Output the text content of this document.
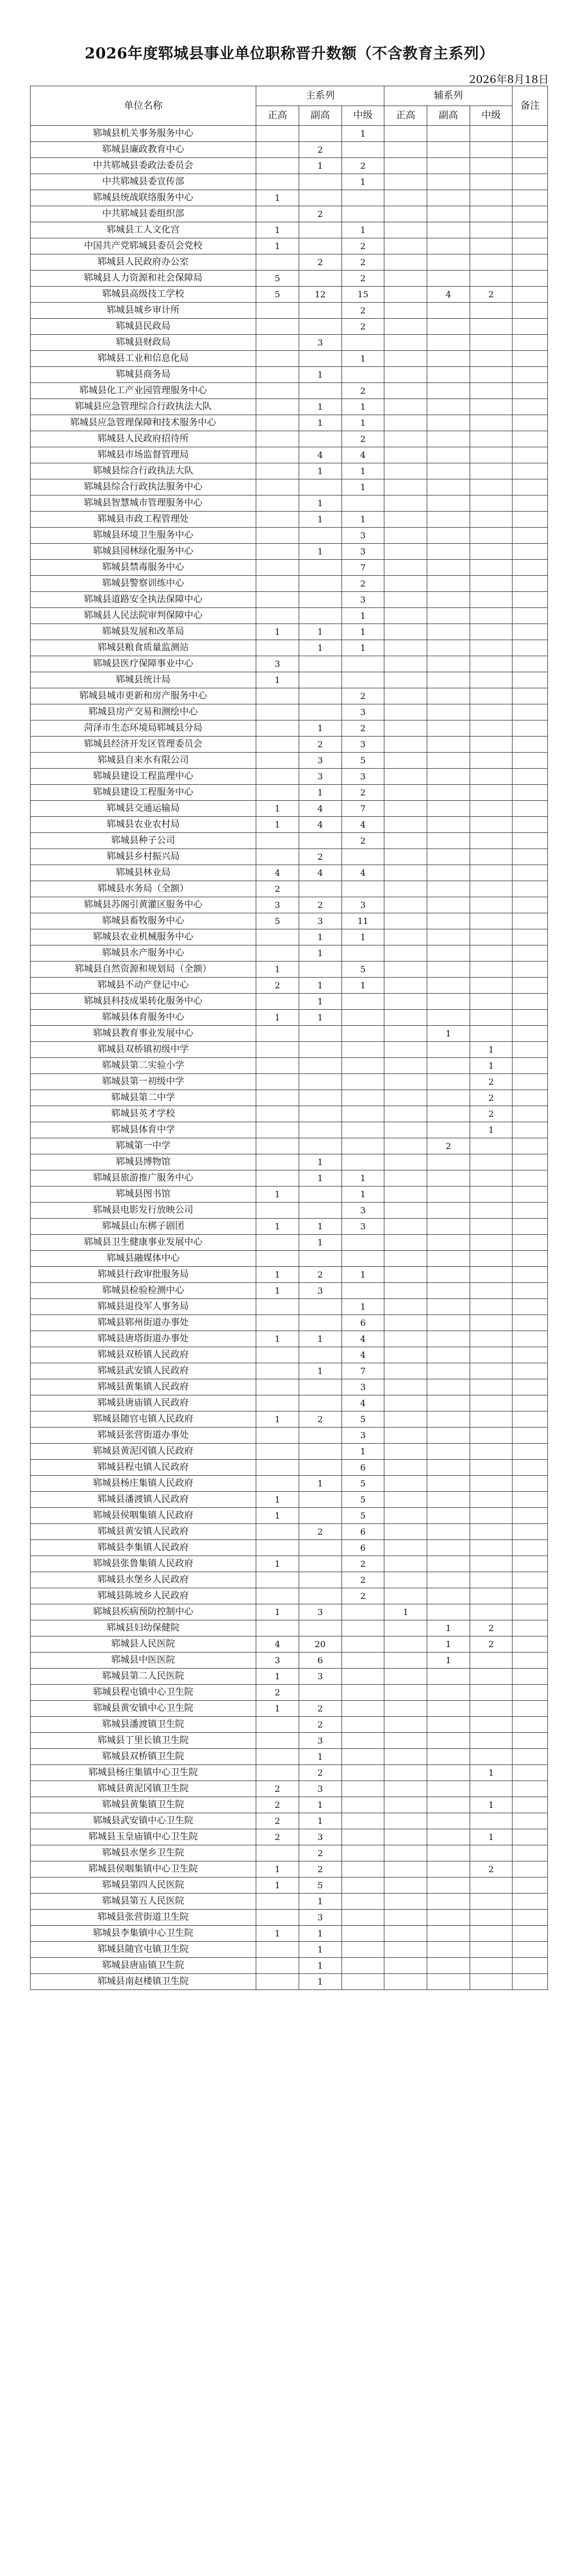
2026年度郓城县事业单位职称晋升数额（不含教育主系列）
2026年8月18日
单位名称	主系列			辅系列			备注
	正高	副高	中级	正高	副高	中级	
郓城县机关事务服务中心			1				
郓城县廉政教育中心		2					
中共郓城县委政法委员会		1	2				
中共郓城县委宣传部			1				
郓城县统战联络服务中心	1						
中共郓城县委组织部		2					
郓城县工人文化宫	1		1				
中国共产党郓城县委员会党校	1		2				
郓城县人民政府办公室		2	2				
郓城县人力资源和社会保障局	5		2				
郓城县高级技工学校	5	12	15		4	2	
郓城县城乡审计所			2				
郓城县民政局			2				
郓城县财政局		3					
郓城县工业和信息化局			1				
郓城县商务局		1					
郓城县化工产业园管理服务中心			2				
郓城县应急管理综合行政执法大队		1	1				
郓城县应急管理保障和技术服务中心		1	1				
郓城县人民政府招待所			2				
郓城县市场监督管理局		4	4				
郓城县综合行政执法大队		1	1				
郓城县综合行政执法服务中心			1				
郓城县智慧城市管理服务中心		1					
郓城县市政工程管理处		1	1				
郓城县环境卫生服务中心			3				
郓城县园林绿化服务中心		1	3				
郓城县禁毒服务中心			7				
郓城县警察训练中心			2				
郓城县道路安全执法保障中心			3				
郓城县人民法院审判保障中心			1				
郓城县发展和改革局	1	1	1				
郓城县粮食质量监测站		1	1				
郓城县医疗保障事业中心	3						
郓城县统计局	1						
郓城县城市更新和房产服务中心			2				
郓城县房产交易和测绘中心			3				
菏泽市生态环境局郓城县分局		1	2				
郓城县经济开发区管理委员会		2	3				
郓城县自来水有限公司		3	5				
郓城县建设工程监理中心		3	3				
郓城县建设工程服务中心		1	2				
郓城县交通运输局	1	4	7				
郓城县农业农村局	1	4	4				
郓城县种子公司			2				
郓城县乡村振兴局		2					
郓城县林业局	4	4	4				
郓城县水务局（全额）	2						
郓城县苏阁引黄灌区服务中心	3	2	3				
郓城县畜牧服务中心	5	3	11				
郓城县农业机械服务中心		1	1				
郓城县水产服务中心		1					
郓城县自然资源和规划局（全额）	1		5				
郓城县不动产登记中心	2	1	1				
郓城县科技成果转化服务中心		1					
郓城县体育服务中心	1	1					
郓城县教育事业发展中心					1		
郓城县双桥镇初级中学						1	
郓城县第二实验小学						1	
郓城县第一初级中学						2	
郓城县第二中学						2	
郓城县英才学校						2	
郓城县体育中学						1	
郓城第一中学					2		
郓城县博物馆		1					
郓城县旅游推广服务中心		1	1				
郓城县图书馆	1		1				
郓城县电影发行放映公司			3				
郓城县山东梆子剧团	1	1	3				
郓城县卫生健康事业发展中心		1					
郓城县融媒体中心							
郓城县行政审批服务局	1	2	1				
郓城县检验检测中心	1	3					
郓城县退役军人事务局			1				
郓城县郓州街道办事处			6				
郓城县唐塔街道办事处	1	1	4				
郓城县双桥镇人民政府			4				
郓城县武安镇人民政府		1	7				
郓城县黄集镇人民政府			3				
郓城县唐庙镇人民政府			4				
郓城县随官屯镇人民政府	1	2	5				
郓城县张营街道办事处			3				
郓城县黄泥冈镇人民政府			1				
郓城县程屯镇人民政府			6				
郓城县杨庄集镇人民政府		1	5				
郓城县潘渡镇人民政府	1		5				
郓城县侯咽集镇人民政府	1		5				
郓城县黄安镇人民政府		2	6				
郓城县李集镇人民政府			6				
郓城县张鲁集镇人民政府	1		2				
郓城县水堡乡人民政府			2				
郓城县陈坡乡人民政府			2				
郓城县疾病预防控制中心	1	3		1			
郓城县妇幼保健院					1	2	
郓城县人民医院	4	20			1	2	
郓城县中医医院	3	6			1		
郓城县第二人民医院	1	3					
郓城县程屯镇中心卫生院	2						
郓城县黄安镇中心卫生院	1	2					
郓城县潘渡镇卫生院		2					
郓城县丁里长镇卫生院		3					
郓城县双桥镇卫生院		1					
郓城县杨庄集镇中心卫生院		2				1	
郓城县黄泥冈镇卫生院	2	3					
郓城县黄集镇卫生院	2	1				1	
郓城县武安镇中心卫生院	2	1					
郓城县玉皇庙镇中心卫生院	2	3				1	
郓城县水堡乡卫生院		2					
郓城县侯咽集镇中心卫生院	1	2				2	
郓城县第四人民医院	1	5					
郓城县第五人民医院		1					
郓城县张营街道卫生院		3					
郓城县李集镇中心卫生院	1	1					
郓城县随官屯镇卫生院		1					
郓城县唐庙镇卫生院		1					
郓城县南赵楼镇卫生院		1					
